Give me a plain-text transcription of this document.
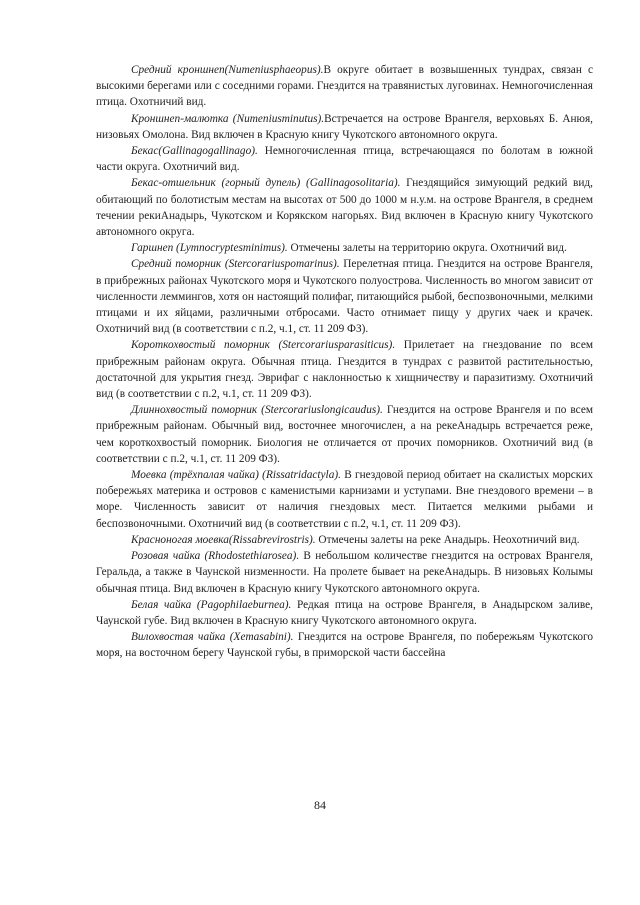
Средний кроншнеп(Numeniusphaeopus).В округе обитает в возвышенных тундрах, связан с высокими берегами или с соседними горами. Гнездится на травянистых луговинах. Немногочисленная птица. Охотничий вид.

Кроншнеп-малютка (Numeniusminutus).Встречается на острове Врангеля, верховьях Б. Анюя, низовьях Омолона. Вид включен в Красную книгу Чукотского автономного округа.

Бекас(Gallinagogallinago). Немногочисленная птица, встречающаяся по болотам в южной части округа. Охотничий вид.

Бекас-отшельник (горный дупель) (Gallinagosolitaria). Гнездящийся зимующий редкий вид, обитающий по болотистым местам на высотах от 500 до 1000 м н.у.м. на острове Врангеля, в среднем течении рекиАнадырь, Чукотском и Корякском нагорьях. Вид включен в Красную книгу Чукотского автономного округа.

Гаршнеп (Lymnocryptesminimus). Отмечены залеты на территорию округа. Охотничий вид.

Средний поморник (Stercorariuspomarinus). Перелетная птица. Гнездится на острове Врангеля, в прибрежных районах Чукотского моря и Чукотского полуострова. Численность во многом зависит от численности леммингов, хотя он настоящий полифаг, питающийся рыбой, беспозвоночными, мелкими птицами и их яйцами, различными отбросами. Часто отнимает пищу у других чаек и крачек. Охотничий вид (в соответствии с п.2, ч.1, ст. 11 209 ФЗ).

Короткохвостый поморник (Stercorariusparasiticus). Прилетает на гнездование по всем прибрежным районам округа. Обычная птица. Гнездится в тундрах с развитой растительностью, достаточной для укрытия гнезд. Эврифаг с наклонностью к хищничеству и паразитизму. Охотничий вид (в соответствии с п.2, ч.1, ст. 11 209 ФЗ).

Длиннохвостый поморник (Stercorariuslongicaudus). Гнездится на острове Врангеля и по всем прибрежным районам. Обычный вид, восточнее многочислен, а на рекеАнадырь встречается реже, чем короткохвостый поморник. Биология не отличается от прочих поморников. Охотничий вид (в соответствии с п.2, ч.1, ст. 11 209 ФЗ).

Моевка (трёхпалая чайка) (Rissatridactyla). В гнездовой период обитает на скалистых морских побережьях материка и островов с каменистыми карнизами и уступами. Вне гнездового времени – в море. Численность зависит от наличия гнездовых мест. Питается мелкими рыбами и беспозвоночными. Охотничий вид (в соответствии с п.2, ч.1, ст. 11 209 ФЗ).

Красноногая моевка(Rissabrevirostris). Отмечены залеты на реке Анадырь. Неохотничий вид.

Розовая чайка (Rhodostethiarosea). В небольшом количестве гнездится на островах Врангеля, Геральда, а также в Чаунской низменности. На пролете бывает на рекеАнадырь. В низовьях Колымы обычная птица. Вид включен в Красную книгу Чукотского автономного округа.

Белая чайка (Pagophilaeburnea). Редкая птица на острове Врангеля, в Анадырском заливе, Чаунской губе. Вид включен в Красную книгу Чукотского автономного округа.

Вилохвостая чайка (Xemasabini). Гнездится на острове Врангеля, по побережьям Чукотского моря, на восточном берегу Чаунской губы, в приморской части бассейна

84
